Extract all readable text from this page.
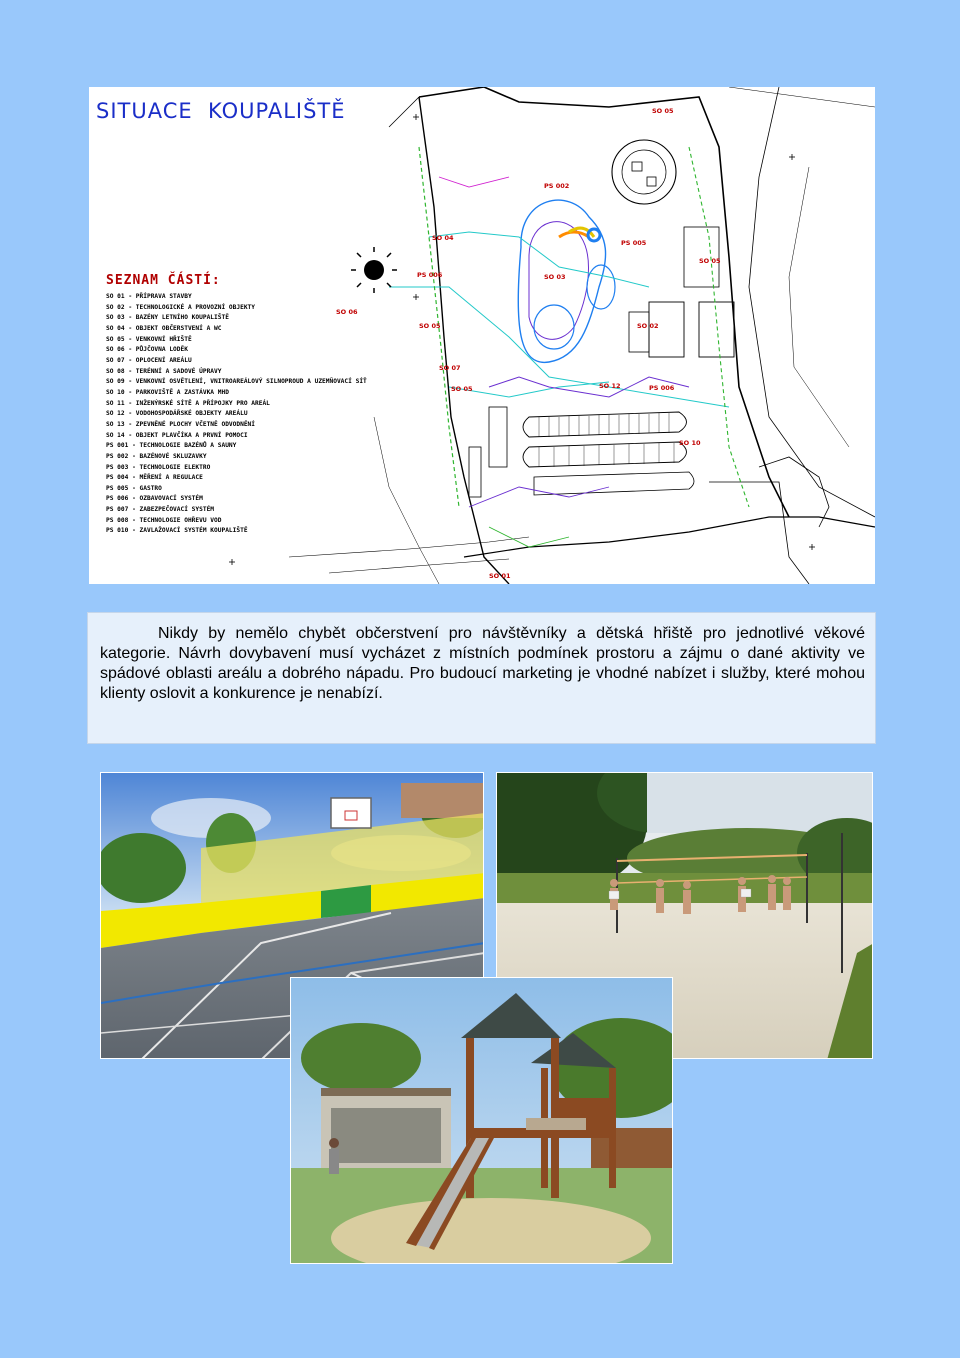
SITUACE  KOUPALIŠTĚ
SEZNAM ČÁSTÍ:
SO 01 - PŘÍPRAVA STAVBY
SO 02 - TECHNOLOGICKÉ A PROVOZNÍ OBJEKTY
SO 03 - BAZÉNY LETNÍHO KOUPALIŠTĚ
SO 04 - OBJEKT OBČERSTVENÍ A WC
SO 05 - VENKOVNÍ HŘIŠTĚ
SO 06 - PŮJČOVNA LODĚK
SO 07 - OPLOCENÍ AREÁLU
SO 08 - TERÉNNÍ A SADOVÉ ÚPRAVY
SO 09 - VENKOVNÍ OSVĚTLENÍ, VNITROAREÁLOVÝ SILNOPROUD A UZEMŇOVACÍ SÍŤ
SO 10 - PARKOVIŠTĚ A ZASTÁVKA MHD
SO 11 - INŽENÝRSKÉ SÍTĚ A PŘÍPOJKY PRO AREÁL
SO 12 - VODOHOSPODÁŘSKÉ OBJEKTY AREÁLU
SO 13 - ZPEVNĚNÉ PLOCHY VČETNĚ ODVODNĚNÍ
SO 14 - OBJEKT PLAVČÍKA A PRVNÍ POMOCI
PS 001 - TECHNOLOGIE BAZÉNŮ A SAUNY
PS 002 - BAZÉNOVÉ SKLUZAVKY
PS 003 - TECHNOLOGIE ELEKTRO
PS 004 - MĚŘENÍ A REGULACE
PS 005 - GASTRO
PS 006 - OZBAVOVACÍ SYSTÉM
PS 007 - ZABEZPEČOVACÍ SYSTÉM
PS 008 - TECHNOLOGIE OHŘEVU VOD
PS 010 - ZAVLAŽOVACÍ SYSTÉM KOUPALIŠTĚ
SO 05
PS 002
SO 04
SO 06
PS 006
SO 05
SO 07
SO 05
SO 03
SO 02
PS 005
SO 10
SO 01
PS 006
SO 05
SO 12

Nikdy by nemělo chybět občerstvení pro návštěvníky a dětská hřiště pro jednotlivé věkové kategorie. Návrh dovybavení musí vycházet z místních podmínek prostoru a zájmu o dané aktivity ve spádové oblasti areálu a dobrého nápadu. Pro budoucí marketing je vhodné nabízet i služby, které mohou klienty oslovit a konkurence je nenabízí.
